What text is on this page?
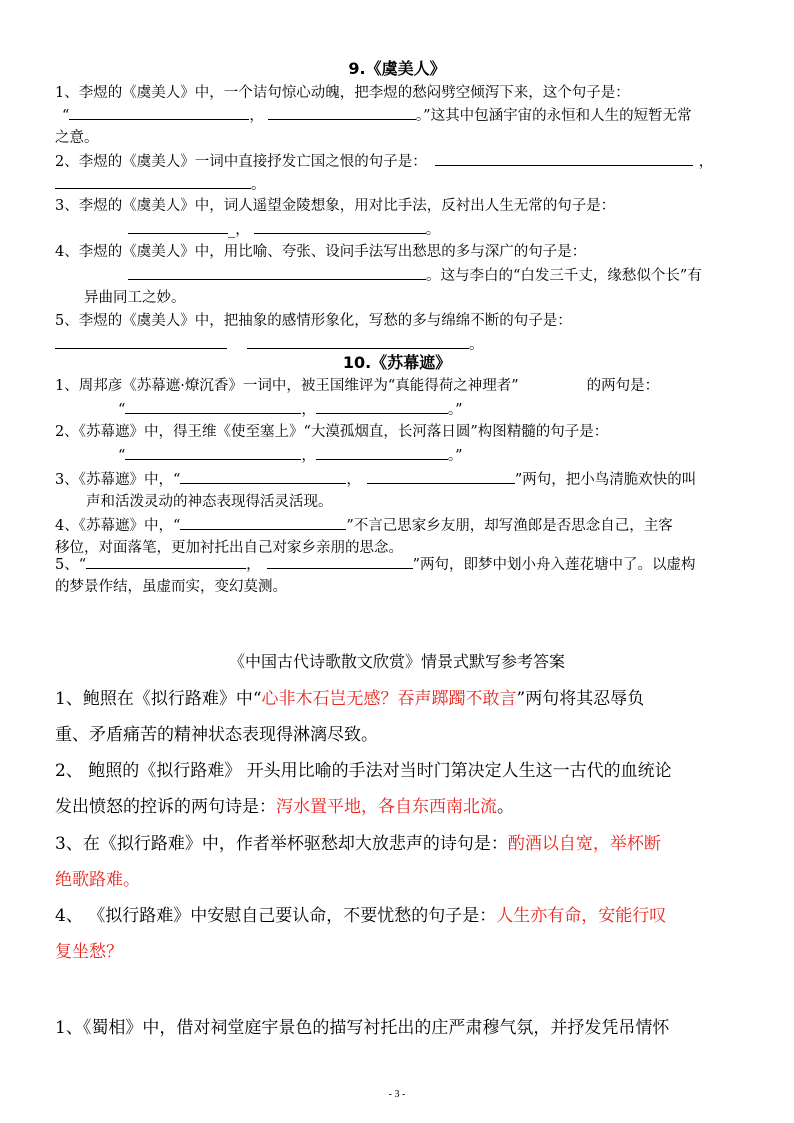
9.《虞美人》
1、李煜的《虞美人》中，一个诘句惊心动魄，把李煜的愁闷劈空倾泻下来，这个句子是：
“	，	。”这其中包涵宇宙的永恒和人生的短暂无常
之意。
2、李煜的《虞美人》一词中直接抒发亡国之恨的句子是：	，
。
3、李煜的《虞美人》中，词人遥望金陵想象，用对比手法，反衬出人生无常的句子是：
_，	。
4、李煜的《虞美人》中，用比喻、夸张、设问手法写出愁思的多与深广的句子是：
。这与李白的“白发三千丈，缘愁似个长”有
异曲同工之妙。
5、李煜的《虞美人》中，把抽象的感情形象化，写愁的多与绵绵不断的句子是：
。
10.《苏幕遮》
1、周邦彦《苏幕遮·燎沉香》一词中，被王国维评为“真能得荷之神理者”	的两句是：
“	，	。”
2、《苏幕遮》中，得王维《使至塞上》“大漠孤烟直，长河落日圆”构图精髓的句子是：
“	，	。”
3、《苏幕遮》中，“	，	”两句，把小鸟清脆欢快的叫
声和活泼灵动的神态表现得活灵活现。
4、《苏幕遮》中，“	”不言己思家乡友朋，却写渔郎是否思念自己，主客
移位，对面落笔，更加衬托出自己对家乡亲朋的思念。
5、“	，	”两句，即梦中划小舟入莲花塘中了。以虚构
的梦景作结，虽虚而实，变幻莫测。
《中国古代诗歌散文欣赏》情景式默写参考答案
1、鲍照在《拟行路难》中“心非木石岂无感？吞声踯躅不敢言”两句将其忍辱负
重、矛盾痛苦的精神状态表现得淋漓尽致。
2、 鲍照的《拟行路难》 开头用比喻的手法对当时门第决定人生这一古代的血统论
发出愤怒的控诉的两句诗是：泻水置平地，各自东西南北流。
3、在《拟行路难》中，作者举杯驱愁却大放悲声的诗句是：酌酒以自宽，举杯断
绝歌路难。
4、 《拟行路难》中安慰自己要认命，不要忧愁的句子是：人生亦有命，安能行叹
复坐愁？
1、《蜀相》中，借对祠堂庭宇景色的描写衬托出的庄严肃穆气氛，并抒发凭吊情怀
- 3 -
